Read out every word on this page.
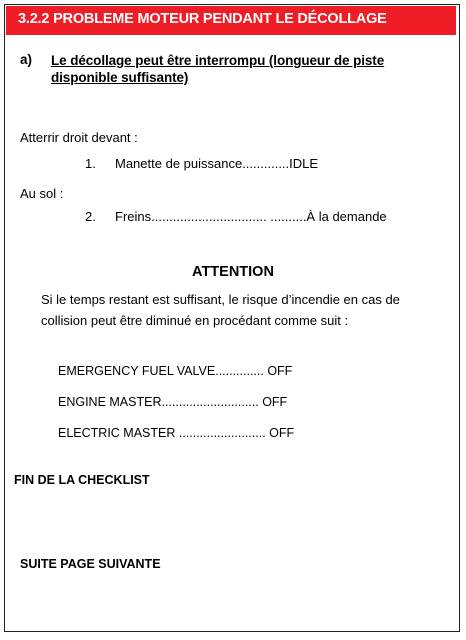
3.2.2 PROBLEME MOTEUR PENDANT LE DÉCOLLAGE
a) Le décollage peut être interrompu (longueur de piste disponible suffisante)
Atterrir droit devant :
1. Manette de puissance.............IDLE
Au sol :
2. Freins................................ ..........À la demande
ATTENTION
Si le temps restant est suffisant, le risque d’incendie en cas de collision peut être diminué en procédant comme suit :
EMERGENCY FUEL VALVE.............. OFF
ENGINE MASTER............................ OFF
ELECTRIC MASTER ......................... OFF
FIN DE LA CHECKLIST
SUITE PAGE SUIVANTE
